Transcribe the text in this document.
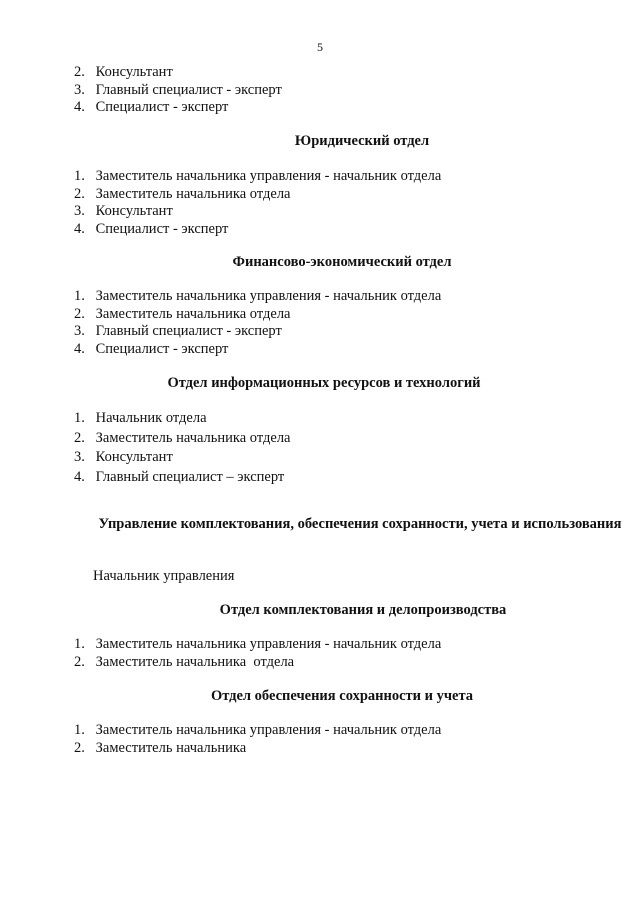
5
2. Консультант
3. Главный специалист - эксперт
4. Специалист - эксперт
Юридический отдел
1. Заместитель начальника управления - начальник отдела
2. Заместитель начальника отдела
3. Консультант
4. Специалист - эксперт
Финансово-экономический отдел
1. Заместитель начальника управления - начальник отдела
2. Заместитель начальника отдела
3. Главный специалист - эксперт
4. Специалист - эксперт
Отдел информационных ресурсов и технологий
1. Начальник отдела
2. Заместитель начальника отдела
3. Консультант
4. Главный специалист – эксперт
Управление комплектования, обеспечения сохранности, учета и использования

Начальник управления

Отдел комплектования и делопроизводства
1. Заместитель начальника управления - начальник отдела
2. Заместитель начальника  отдела
Отдел обеспечения сохранности и учета
1. Заместитель начальника управления - начальник отдела
2. Заместитель начальника
